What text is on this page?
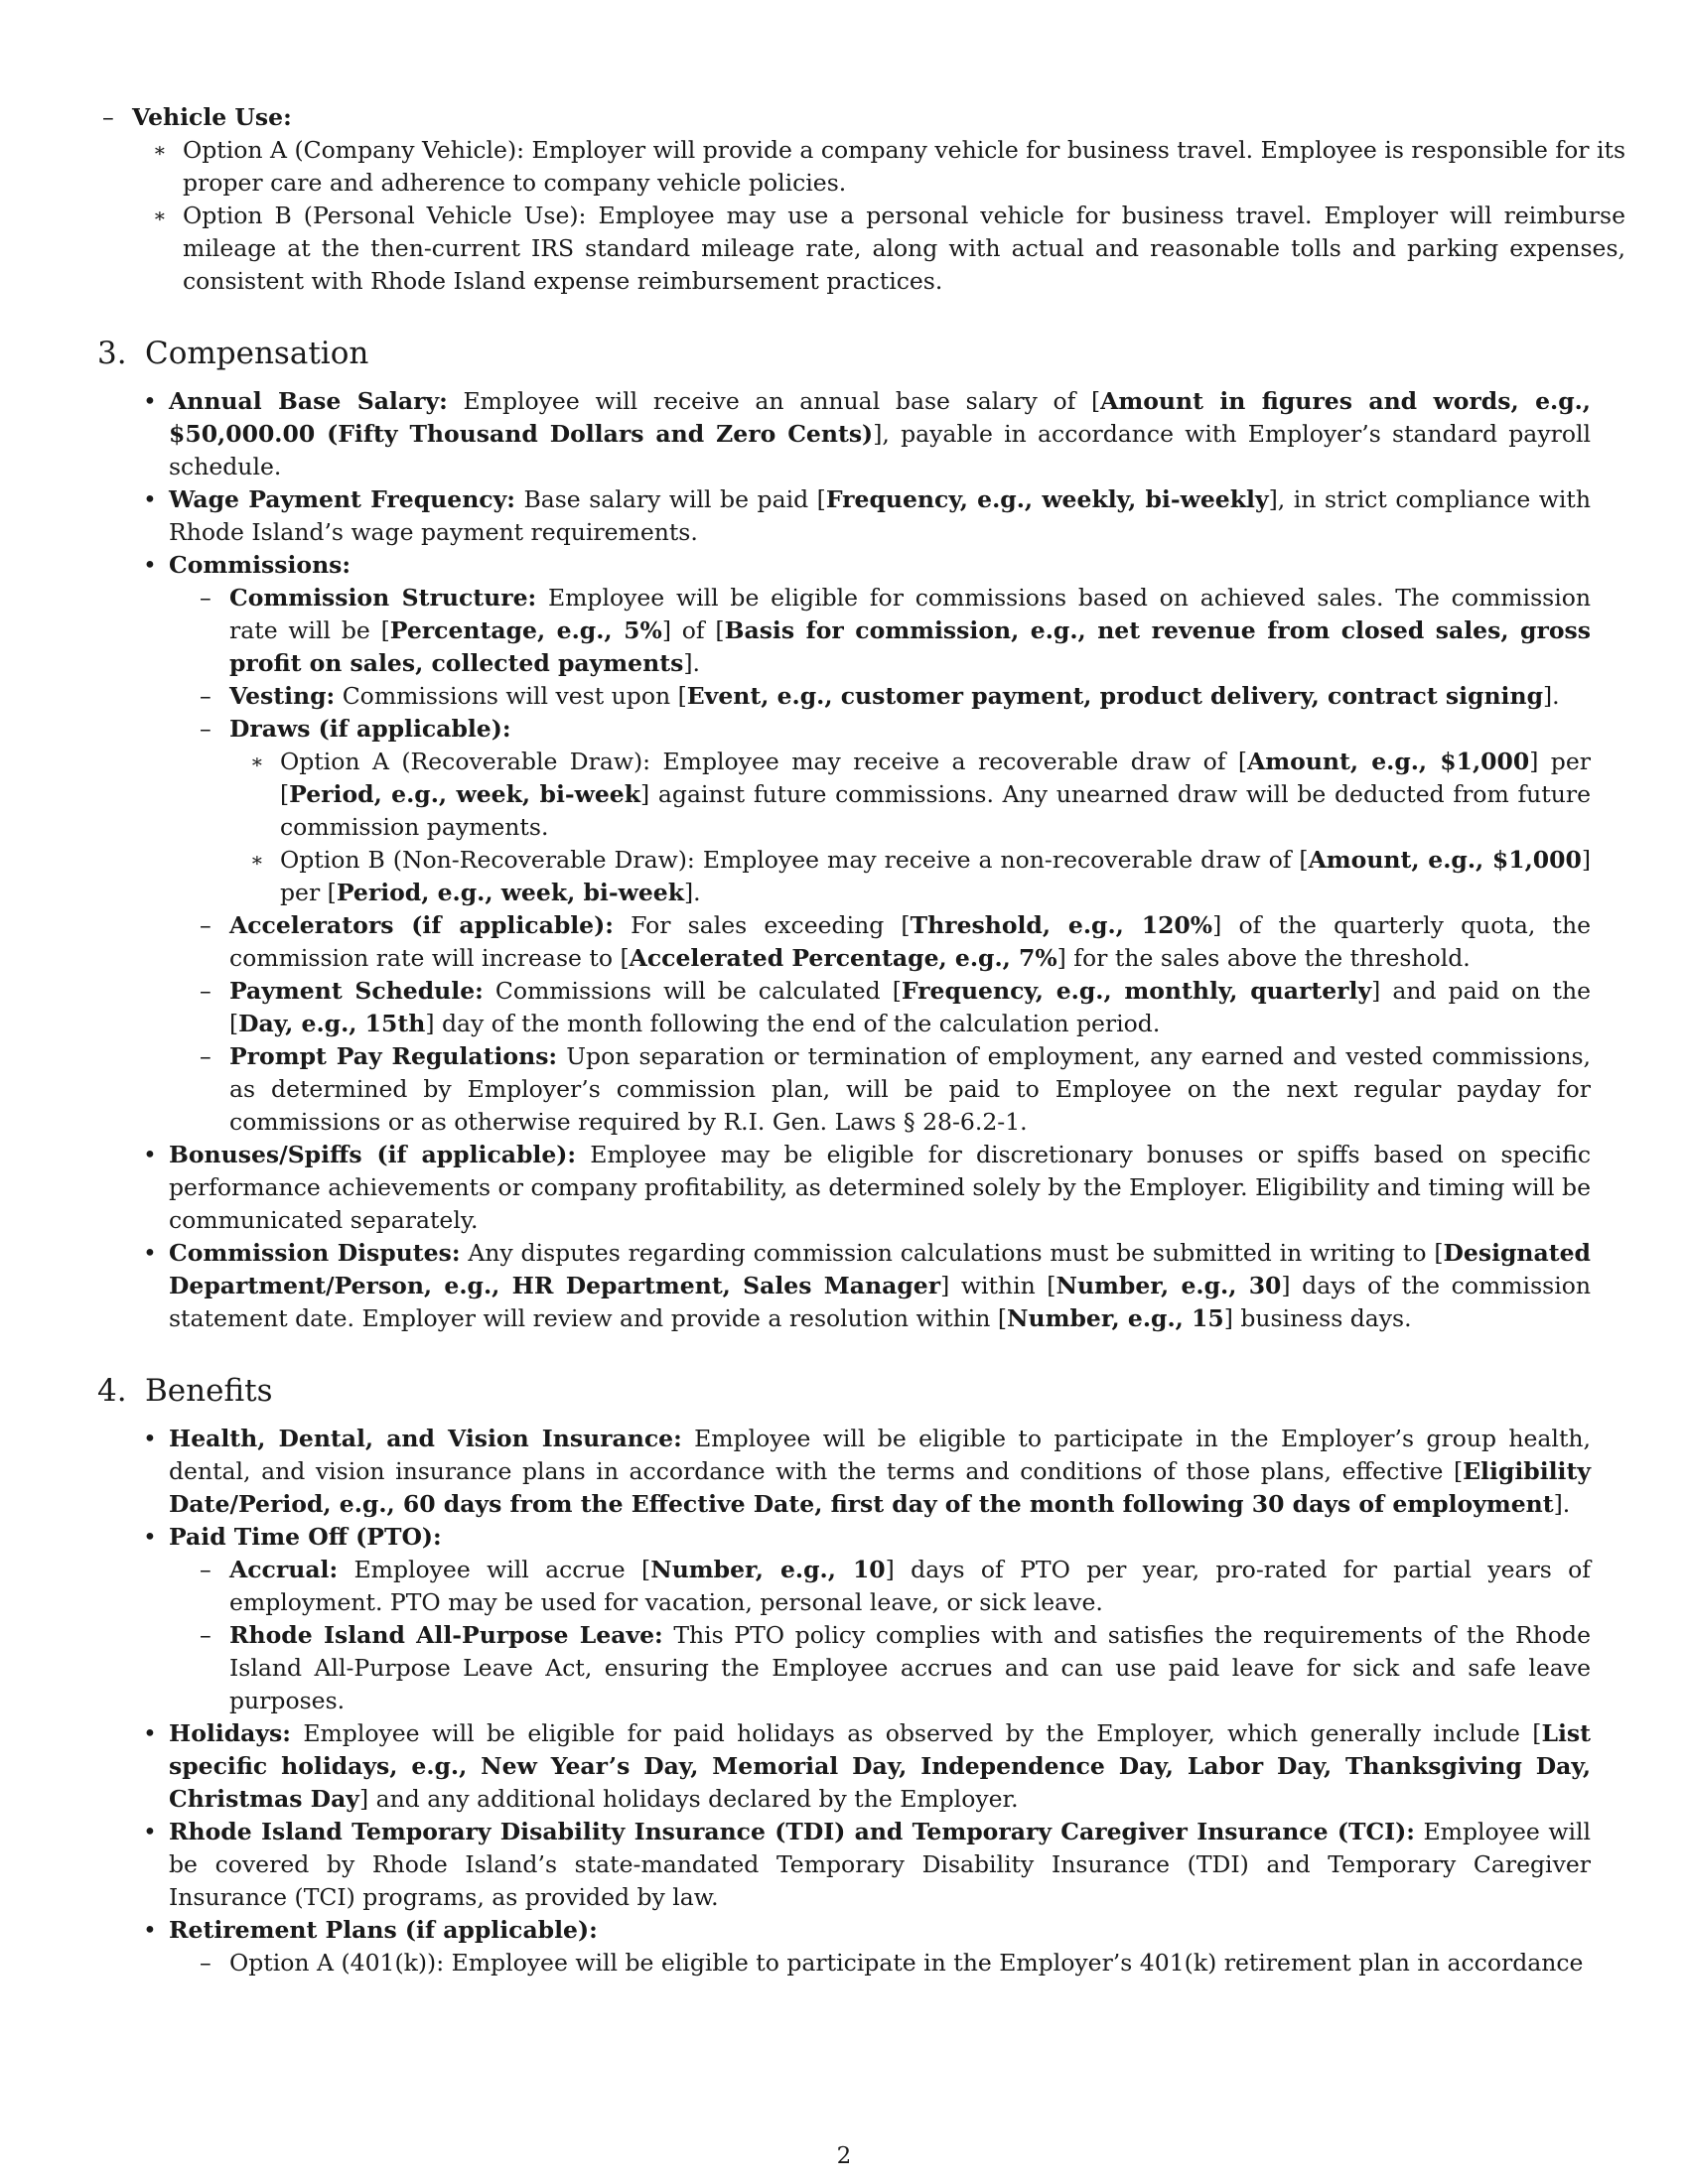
– Vehicle Use:
∗ Option A (Company Vehicle): Employer will provide a company vehicle for business travel. Employee is responsible for its proper care and adherence to company vehicle policies.
∗ Option B (Personal Vehicle Use): Employee may use a personal vehicle for business travel. Employer will reimburse mileage at the then-current IRS standard mileage rate, along with actual and reasonable tolls and parking expenses, consistent with Rhode Island expense reimbursement practices.
3. Compensation
• Annual Base Salary: Employee will receive an annual base salary of [Amount in figures and words, e.g., $50,000.00 (Fifty Thousand Dollars and Zero Cents)], payable in accordance with Employer’s standard payroll schedule.
• Wage Payment Frequency: Base salary will be paid [Frequency, e.g., weekly, bi-weekly], in strict compliance with Rhode Island’s wage payment requirements.
• Commissions:
– Commission Structure: Employee will be eligible for commissions based on achieved sales. The commission rate will be [Percentage, e.g., 5%] of [Basis for commission, e.g., net revenue from closed sales, gross profit on sales, collected payments].
– Vesting: Commissions will vest upon [Event, e.g., customer payment, product delivery, contract signing].
– Draws (if applicable):
∗ Option A (Recoverable Draw): Employee may receive a recoverable draw of [Amount, e.g., $1,000] per [Period, e.g., week, bi-week] against future commissions. Any unearned draw will be deducted from future commission payments.
∗ Option B (Non-Recoverable Draw): Employee may receive a non-recoverable draw of [Amount, e.g., $1,000] per [Period, e.g., week, bi-week].
– Accelerators (if applicable): For sales exceeding [Threshold, e.g., 120%] of the quarterly quota, the commission rate will increase to [Accelerated Percentage, e.g., 7%] for the sales above the threshold.
– Payment Schedule: Commissions will be calculated [Frequency, e.g., monthly, quarterly] and paid on the [Day, e.g., 15th] day of the month following the end of the calculation period.
– Prompt Pay Regulations: Upon separation or termination of employment, any earned and vested commissions, as determined by Employer’s commission plan, will be paid to Employee on the next regular payday for commissions or as otherwise required by R.I. Gen. Laws § 28-6.2-1.
• Bonuses/Spiffs (if applicable): Employee may be eligible for discretionary bonuses or spiffs based on specific performance achievements or company profitability, as determined solely by the Employer. Eligibility and timing will be communicated separately.
• Commission Disputes: Any disputes regarding commission calculations must be submitted in writing to [Designated Department/Person, e.g., HR Department, Sales Manager] within [Number, e.g., 30] days of the commission statement date. Employer will review and provide a resolution within [Number, e.g., 15] business days.
4. Benefits
• Health, Dental, and Vision Insurance: Employee will be eligible to participate in the Employer’s group health, dental, and vision insurance plans in accordance with the terms and conditions of those plans, effective [Eligibility Date/Period, e.g., 60 days from the Effective Date, first day of the month following 30 days of employment].
• Paid Time Off (PTO):
– Accrual: Employee will accrue [Number, e.g., 10] days of PTO per year, pro-rated for partial years of employment. PTO may be used for vacation, personal leave, or sick leave.
– Rhode Island All-Purpose Leave: This PTO policy complies with and satisfies the requirements of the Rhode Island All-Purpose Leave Act, ensuring the Employee accrues and can use paid leave for sick and safe leave purposes.
• Holidays: Employee will be eligible for paid holidays as observed by the Employer, which generally include [List specific holidays, e.g., New Year’s Day, Memorial Day, Independence Day, Labor Day, Thanksgiving Day, Christmas Day] and any additional holidays declared by the Employer.
• Rhode Island Temporary Disability Insurance (TDI) and Temporary Caregiver Insurance (TCI): Employee will be covered by Rhode Island’s state-mandated Temporary Disability Insurance (TDI) and Temporary Caregiver Insurance (TCI) programs, as provided by law.
• Retirement Plans (if applicable):
– Option A (401(k)): Employee will be eligible to participate in the Employer’s 401(k) retirement plan in accordance
2
